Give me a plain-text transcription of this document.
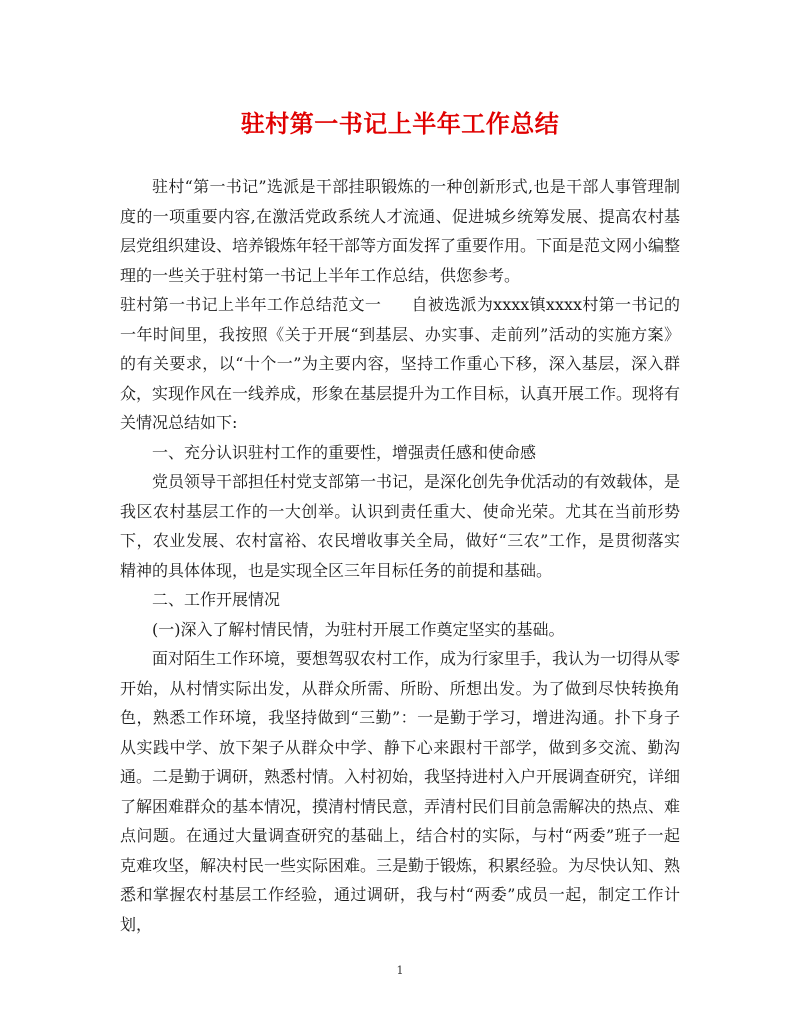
驻村第一书记上半年工作总结

驻村“第一书记”选派是干部挂职锻炼的一种创新形式,也是干部人事管理制度的一项重要内容,在激活党政系统人才流通、促进城乡统筹发展、提高农村基层党组织建设、培养锻炼年轻干部等方面发挥了重要作用。下面是范文网小编整理的一些关于驻村第一书记上半年工作总结，供您参考。

驻村第一书记上半年工作总结范文一 自被选派为xxxx镇xxxx村第一书记的一年时间里，我按照《关于开展“到基层、办实事、走前列”活动的实施方案》的有关要求，以“十个一”为主要内容，坚持工作重心下移，深入基层，深入群众，实现作风在一线养成，形象在基层提升为工作目标，认真开展工作。现将有关情况总结如下:

一、充分认识驻村工作的重要性，增强责任感和使命感

党员领导干部担任村党支部第一书记，是深化创先争优活动的有效载体，是我区农村基层工作的一大创举。认识到责任重大、使命光荣。尤其在当前形势下，农业发展、农村富裕、农民增收事关全局，做好“三农”工作，是贯彻落实精神的具体体现，也是实现全区三年目标任务的前提和基础。

二、工作开展情况

(一)深入了解村情民情，为驻村开展工作奠定坚实的基础。

面对陌生工作环境，要想驾驭农村工作，成为行家里手，我认为一切得从零开始，从村情实际出发，从群众所需、所盼、所想出发。为了做到尽快转换角色，熟悉工作环境，我坚持做到“三勤”：一是勤于学习，增进沟通。扑下身子从实践中学、放下架子从群众中学、静下心来跟村干部学，做到多交流、勤沟通。二是勤于调研，熟悉村情。入村初始，我坚持进村入户开展调查研究，详细了解困难群众的基本情况，摸清村情民意，弄清村民们目前急需解决的热点、难点问题。在通过大量调查研究的基础上，结合村的实际，与村“两委”班子一起克难攻坚，解决村民一些实际困难。三是勤于锻炼，积累经验。为尽快认知、熟悉和掌握农村基层工作经验，通过调研，我与村“两委”成员一起，制定工作计划，

1
